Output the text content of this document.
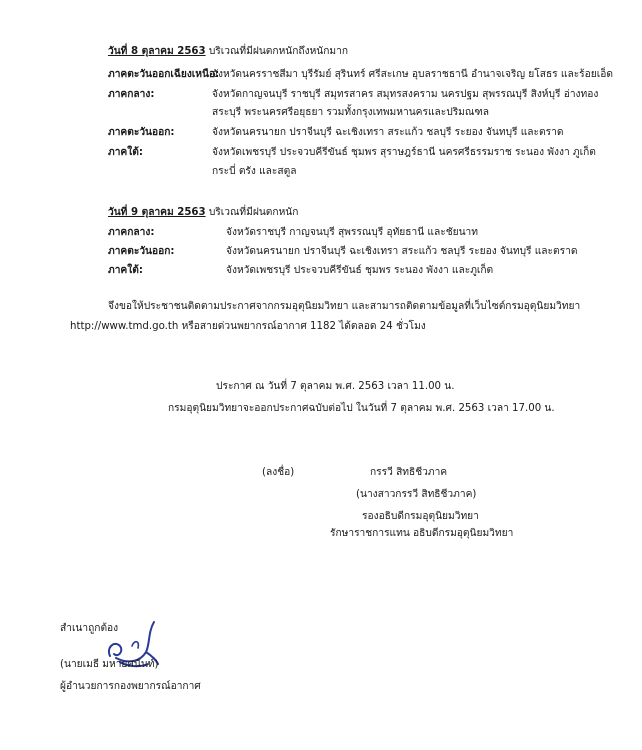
วันที่ 8 ตุลาคม 2563 บริเวณที่มีฝนตกหนักถึงหนักมาก
ภาคตะวันออกเฉียงเหนือ:
จังหวัดนครราชสีมา บุรีรัมย์ สุรินทร์ ศรีสะเกษ อุบลราชธานี อำนาจเจริญ ยโสธร และร้อยเอ็ด
ภาคกลาง:	จังหวัดกาญจนบุรี ราชบุรี สมุทรสาคร สมุทรสงคราม นครปฐม สุพรรณบุรี สิงห์บุรี อ่างทอง
สระบุรี พระนครศรีอยุธยา รวมทั้งกรุงเทพมหานครและปริมณฑล
ภาคตะวันออก:	จังหวัดนครนายก ปราจีนบุรี ฉะเชิงเทรา สระแก้ว ชลบุรี ระยอง จันทบุรี และตราด
ภาคใต้:	จังหวัดเพชรบุรี ประจวบคีรีขันธ์ ชุมพร สุราษฎร์ธานี นครศรีธรรมราช ระนอง พังงา ภูเก็ต
กระบี่ ตรัง และสตูล
วันที่ 9 ตุลาคม 2563 บริเวณที่มีฝนตกหนัก
ภาคกลาง:	จังหวัดราชบุรี กาญจนบุรี สุพรรณบุรี อุทัยธานี และชัยนาท
ภาคตะวันออก:	จังหวัดนครนายก ปราจีนบุรี ฉะเชิงเทรา สระแก้ว ชลบุรี ระยอง จันทบุรี และตราด
ภาคใต้:	จังหวัดเพชรบุรี ประจวบคีรีขันธ์ ชุมพร ระนอง พังงา และภูเก็ต
จึงขอให้ประชาชนติดตามประกาศจากกรมอุตุนิยมวิทยา และสามารถติดตามข้อมูลที่เว็บไซต์กรมอุตุนิยมวิทยา
http://www.tmd.go.th หรือสายด่วนพยากรณ์อากาศ 1182 ได้ตลอด 24 ชั่วโมง
ประกาศ ณ วันที่ 7 ตุลาคม พ.ศ. 2563 เวลา 11.00 น.
กรมอุตุนิยมวิทยาจะออกประกาศฉบับต่อไป ในวันที่ 7 ตุลาคม พ.ศ. 2563 เวลา 17.00 น.
(ลงชื่อ)	กรรวี สิทธิชีวภาค
(นางสาวกรรวี สิทธิชีวภาค)
รองอธิบดีกรมอุตุนิยมวิทยา
รักษาราชการแทน อธิบดีกรมอุตุนิยมวิทยา
สำเนาถูกต้อง
(นายเมธี มหายศนันท์)
ผู้อำนวยการกองพยากรณ์อากาศ
